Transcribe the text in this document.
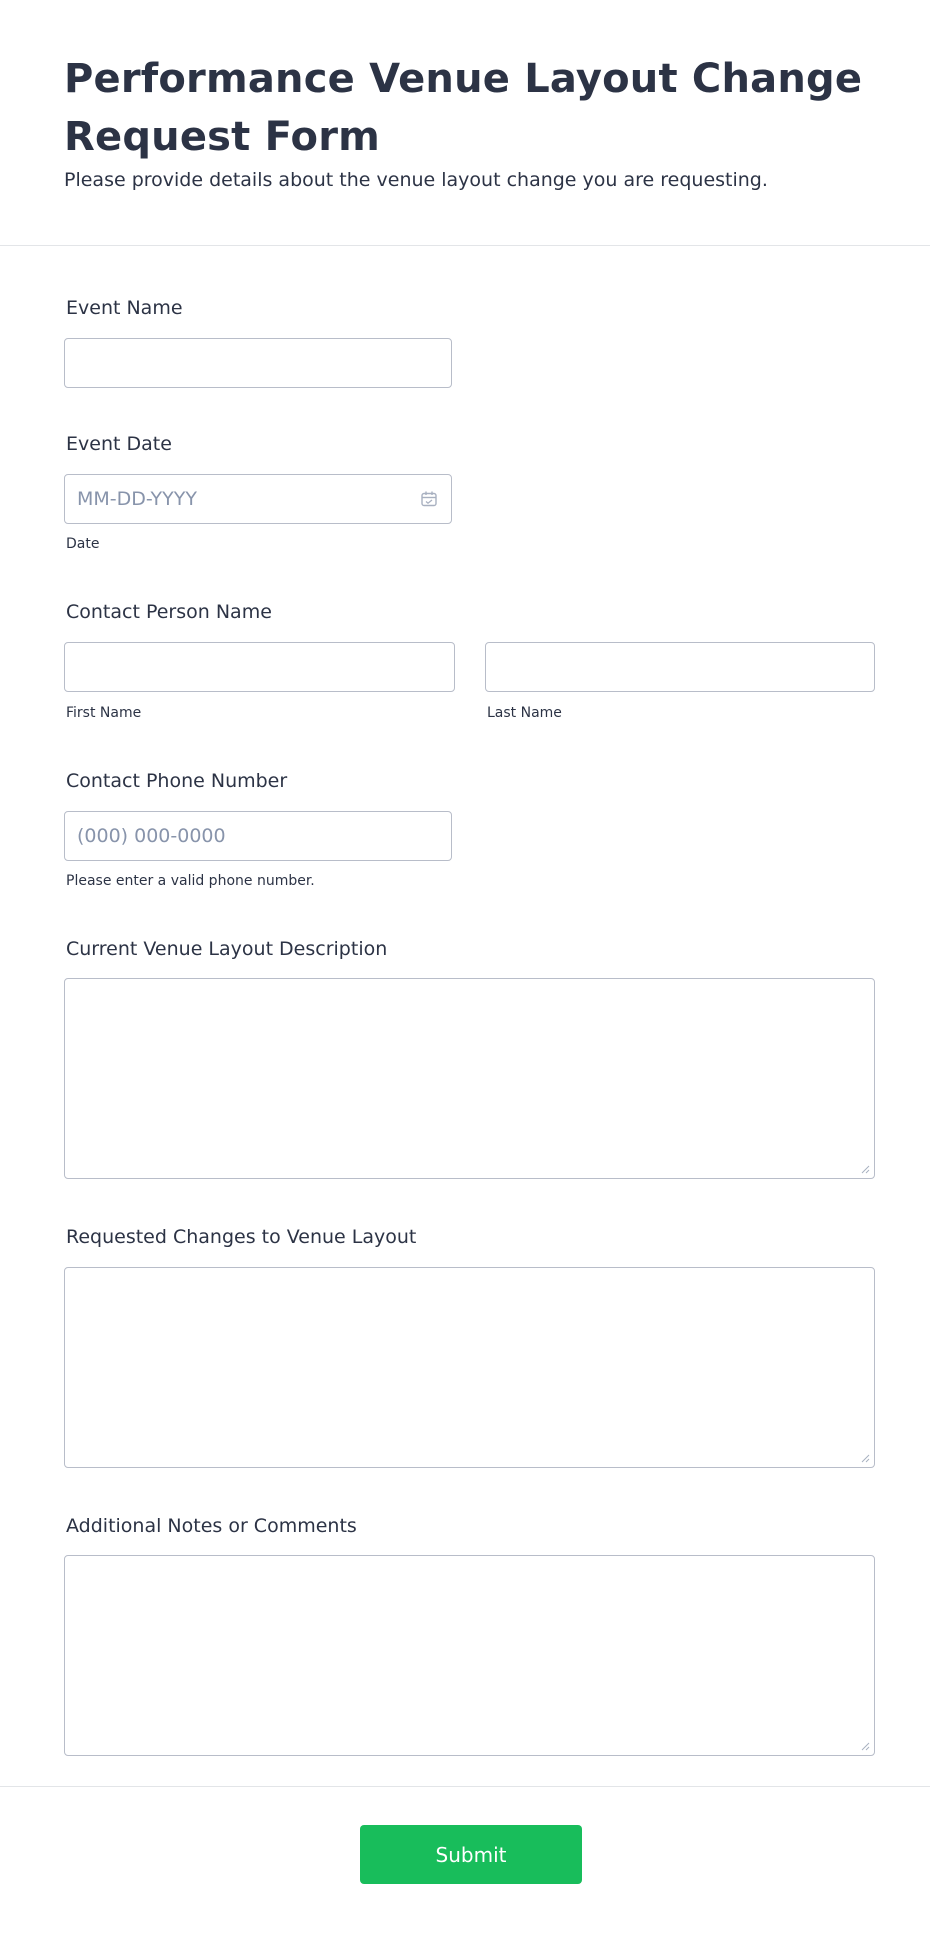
Performance Venue Layout Change Request Form

Please provide details about the venue layout change you are requesting.

Event Name
Event Date
MM-DD-YYYY
Date
Contact Person Name
First Name	Last Name
Contact Phone Number
(000) 000-0000
Please enter a valid phone number.
Current Venue Layout Description
Requested Changes to Venue Layout
Additional Notes or Comments
Submit
